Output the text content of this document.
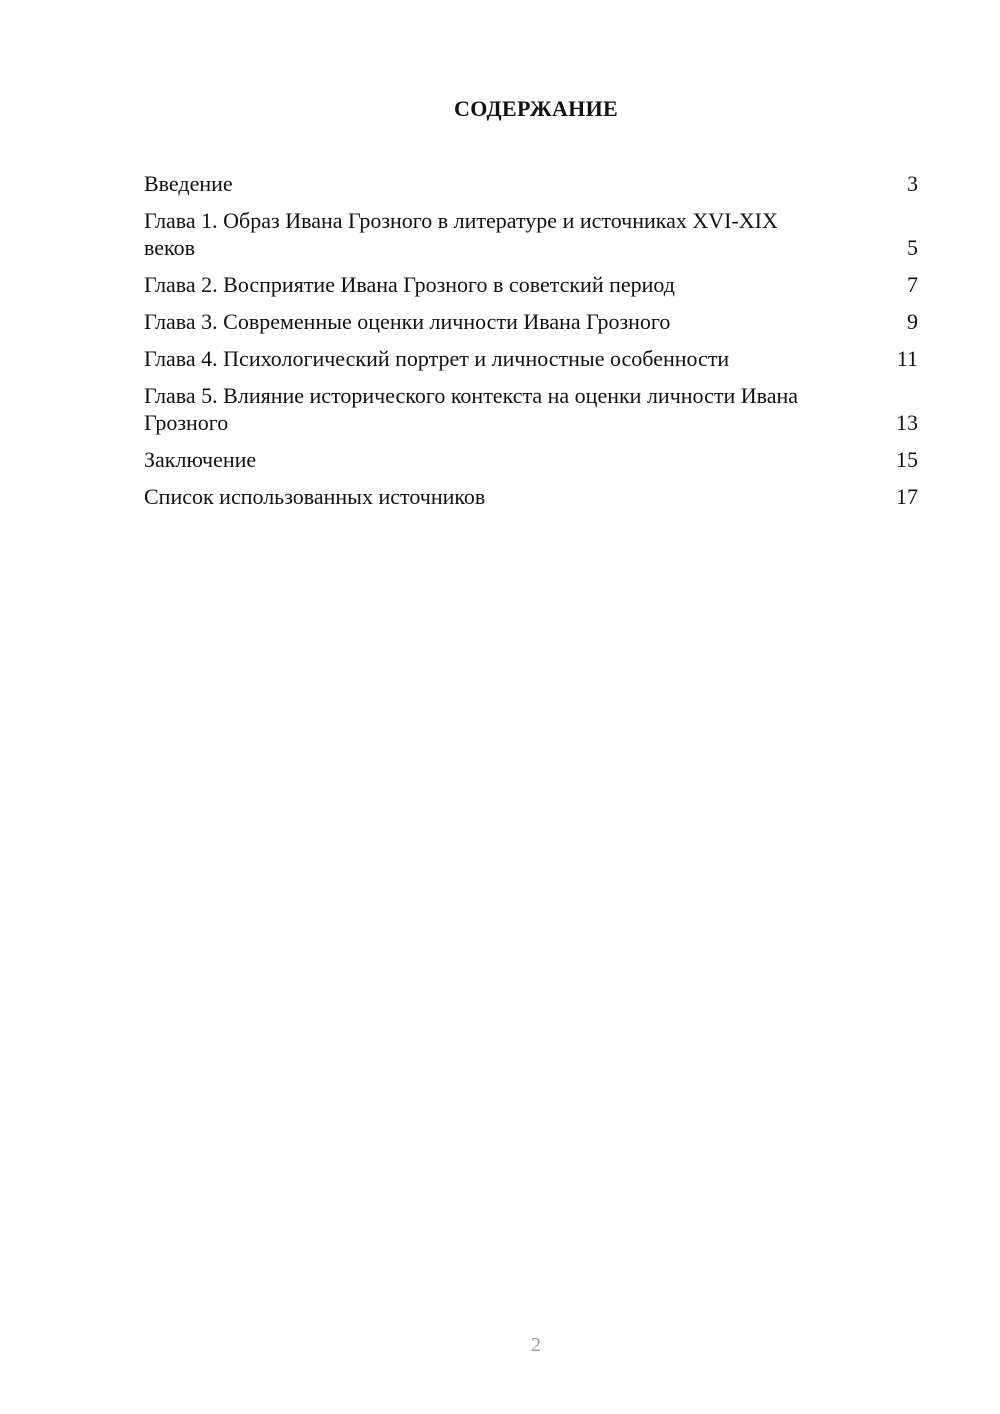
СОДЕРЖАНИЕ
Введение	3
Глава 1. Образ Ивана Грозного в литературе и источниках XVI-XIX веков	5
Глава 2. Восприятие Ивана Грозного в советский период	7
Глава 3. Современные оценки личности Ивана Грозного	9
Глава 4. Психологический портрет и личностные особенности	11
Глава 5. Влияние исторического контекста на оценки личности Ивана Грозного	13
Заключение	15
Список использованных источников	17
2
